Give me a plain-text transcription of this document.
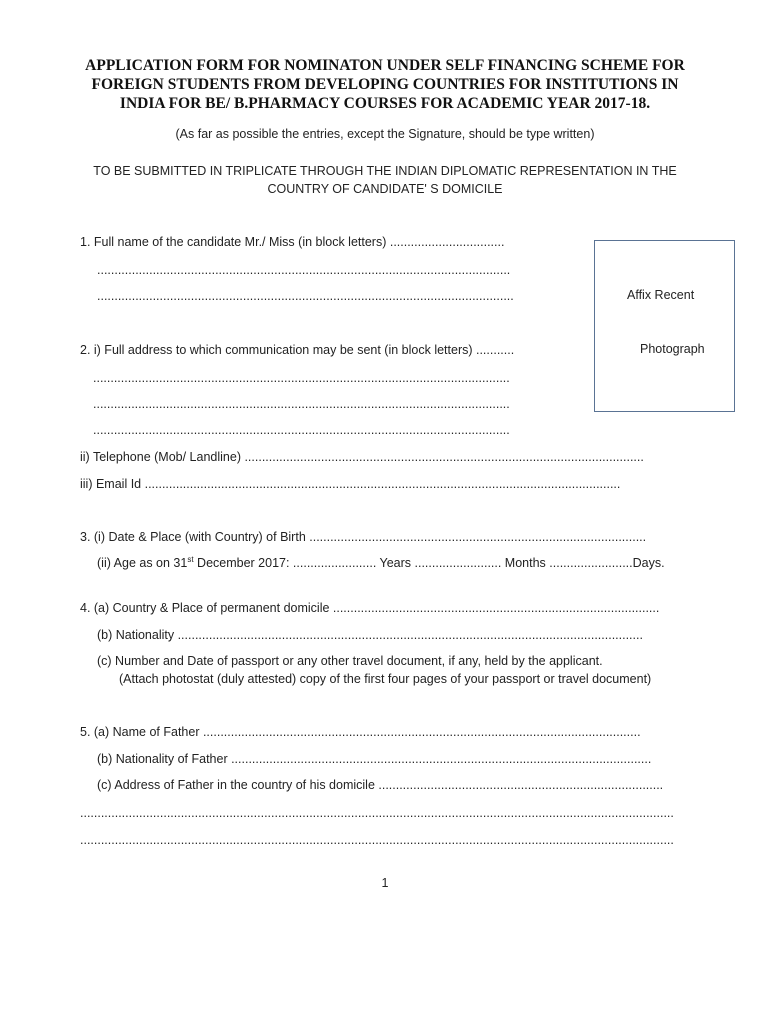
APPLICATION FORM FOR NOMINATON UNDER SELF FINANCING SCHEME FOR
FOREIGN STUDENTS FROM DEVELOPING COUNTRIES FOR INSTITUTIONS IN
INDIA FOR BE/ B.PHARMACY COURSES FOR ACADEMIC YEAR 2017-18.
(As far as possible the entries, except the Signature, should be type written)
TO BE SUBMITTED IN TRIPLICATE THROUGH THE INDIAN DIPLOMATIC REPRESENTATION IN THE
COUNTRY OF CANDIDATE' S DOMICILE
Affix Recent
Photograph
1. Full name of the candidate Mr./ Miss (in block letters) .................................
.......................................................................................................................
........................................................................................................................
2. i) Full address to which communication may be sent (in block letters) ...........
........................................................................................................................
........................................................................................................................
........................................................................................................................
ii) Telephone (Mob/ Landline) ...................................................................................................................
iii) Email Id .........................................................................................................................................
3. (i) Date & Place (with Country) of Birth .................................................................................................
(ii) Age as on 31st December 2017: ........................ Years ......................... Months ........................Days.
4. (a) Country & Place of permanent domicile ..............................................................................................
(b) Nationality ......................................................................................................................................
(c) Number and Date of passport or any other travel document, if any, held by the applicant.
(Attach photostat (duly attested) copy of the first four pages of your passport or travel document)
5. (a) Name of Father ..............................................................................................................................
(b) Nationality of Father .........................................................................................................................
(c) Address of Father in the country of his domicile ..................................................................................
...........................................................................................................................................................................
...........................................................................................................................................................................
1
